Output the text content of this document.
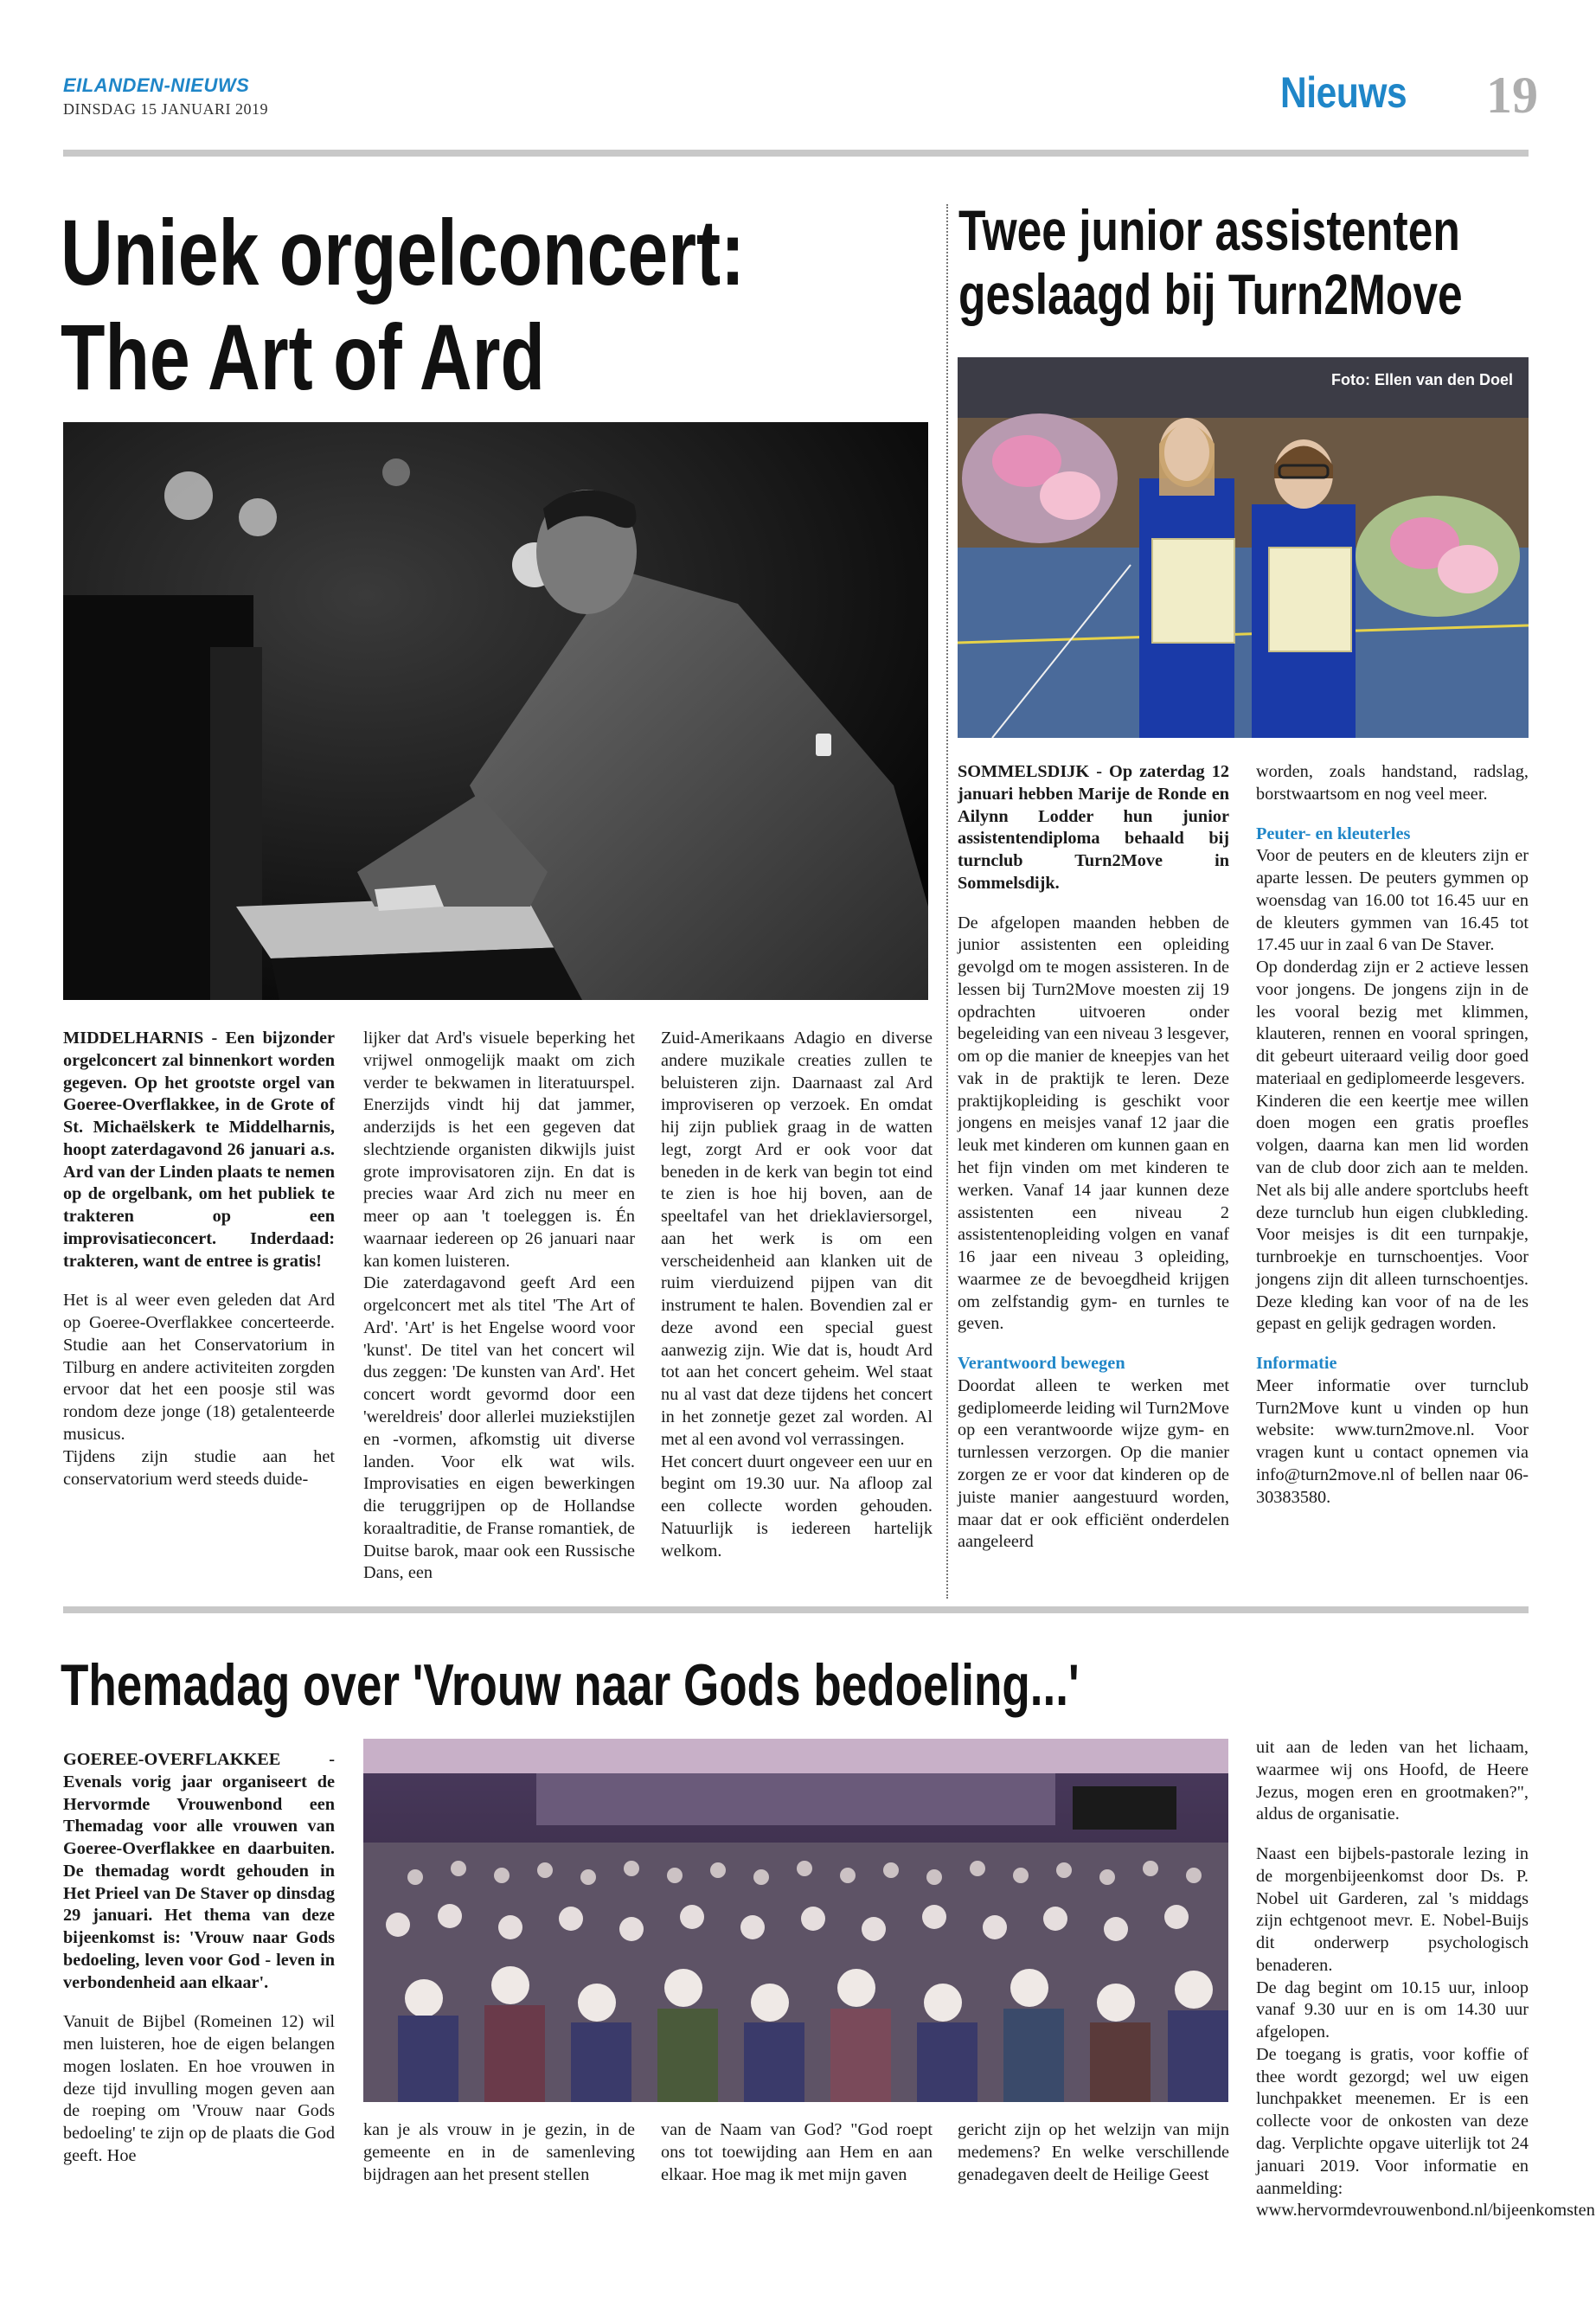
EILANDEN-NIEUWS
DINSDAG 15 JANUARI 2019	Nieuws 19
Uniek orgelconcert:
The Art of Ard

MIDDELHARNIS - Een bijzonder orgelconcert zal binnenkort worden gegeven. Op het grootste orgel van Goeree-Overflakkee, in de Grote of St. Michaëlskerk te Middelharnis, hoopt zaterdagavond 26 januari a.s. Ard van der Linden plaats te nemen op de orgelbank, om het publiek te trakteren op een improvisatieconcert. Inderdaad: trakteren, want de entree is gratis!

Het is al weer even geleden dat Ard op Goeree-Overflakkee concerteerde. Studie aan het Conservatorium in Tilburg en andere activiteiten zorgden ervoor dat het een poosje stil was rondom deze jonge (18) getalenteerde musicus.

Tijdens zijn studie aan het conservatorium werd steeds duide-

lijker dat Ard's visuele beperking het vrijwel onmogelijk maakt om zich verder te bekwamen in literatuurspel. Enerzijds vindt hij dat jammer, anderzijds is het een gegeven dat slechtziende organisten dikwijls juist grote improvisatoren zijn. En dat is precies waar Ard zich nu meer en meer op aan 't toeleggen is. Én waarnaar iedereen op 26 januari naar kan komen luisteren.

Die zaterdagavond geeft Ard een orgelconcert met als titel 'The Art of Ard'. 'Art' is het Engelse woord voor 'kunst'. De titel van het concert wil dus zeggen: 'De kunsten van Ard'. Het concert wordt gevormd door een 'wereldreis' door allerlei muziekstijlen en -vormen, afkomstig uit diverse landen. Voor elk wat wils. Improvisaties en eigen bewerkingen die teruggrijpen op de Hollandse koraaltraditie, de Franse romantiek, de Duitse barok, maar ook een Russische Dans, een

Zuid-Amerikaans Adagio en diverse andere muzikale creaties zullen te beluisteren zijn. Daarnaast zal Ard improviseren op verzoek. En omdat hij zijn publiek graag in de watten legt, zorgt Ard er ook voor dat beneden in de kerk van begin tot eind te zien is hoe hij boven, aan de speeltafel van het drieklaviersorgel, aan het werk is om een verscheidenheid aan klanken uit de ruim vierduizend pijpen van dit instrument te halen. Bovendien zal er deze avond een special guest aanwezig zijn. Wie dat is, houdt Ard tot aan het concert geheim. Wel staat nu al vast dat deze tijdens het concert in het zonnetje gezet zal worden. Al met al een avond vol verrassingen.

Het concert duurt ongeveer een uur en begint om 19.30 uur. Na afloop zal een collecte worden gehouden. Natuurlijk is iedereen hartelijk welkom.

Twee junior assistenten
geslaagd bij Turn2Move
Foto: Ellen van den Doel

SOMMELSDIJK - Op zaterdag 12 januari hebben Marije de Ronde en Ailynn Lodder hun junior assistentendiploma behaald bij turnclub Turn2Move in Sommelsdijk.

De afgelopen maanden hebben de junior assistenten een opleiding gevolgd om te mogen assisteren. In de lessen bij Turn2Move moesten zij 19 opdrachten uitvoeren onder begeleiding van een niveau 3 lesgever, om op die manier de kneepjes van het vak in de praktijk te leren. Deze praktijkopleiding is geschikt voor jongens en meisjes vanaf 12 jaar die leuk met kinderen om kunnen gaan en het fijn vinden om met kinderen te werken. Vanaf 14 jaar kunnen deze assistenten een niveau 2 assistentenopleiding volgen en vanaf 16 jaar een niveau 3 opleiding, waarmee ze de bevoegdheid krijgen om zelfstandig gym- en turnles te geven.

Verantwoord bewegen

Doordat alleen te werken met gediplomeerde leiding wil Turn2Move op een verantwoorde wijze gym- en turnlessen verzorgen. Op die manier zorgen ze er voor dat kinderen op de juiste manier aangestuurd worden, maar dat er ook efficiënt onderdelen aangeleerd

worden, zoals handstand, radslag, borstwaartsom en nog veel meer.

Peuter- en kleuterles

Voor de peuters en de kleuters zijn er aparte lessen. De peuters gymmen op woensdag van 16.00 tot 16.45 uur en de kleuters gymmen van 16.45 tot 17.45 uur in zaal 6 van De Staver.

Op donderdag zijn er 2 actieve lessen voor jongens. De jongens zijn in de les vooral bezig met klimmen, klauteren, rennen en vooral springen, dit gebeurt uiteraard veilig door goed materiaal en gediplomeerde lesgevers.

Kinderen die een keertje mee willen doen mogen een gratis proefles volgen, daarna kan men lid worden van de club door zich aan te melden. Net als bij alle andere sportclubs heeft deze turnclub hun eigen clubkleding. Voor meisjes is dit een turnpakje, turnbroekje en turnschoentjes. Voor jongens zijn dit alleen turnschoentjes. Deze kleding kan voor of na de les gepast en gelijk gedragen worden.

Informatie

Meer informatie over turnclub Turn2Move kunt u vinden op hun website: www.turn2move.nl. Voor vragen kunt u contact opnemen via info@turn2move.nl of bellen naar 06-30383580.

Themadag over 'Vrouw naar Gods bedoeling...'

GOEREE-OVERFLAKKEE - Evenals vorig jaar organiseert de Hervormde Vrouwenbond een Themadag voor alle vrouwen van Goeree-Overflakkee en daarbuiten. De themadag wordt gehouden in Het Prieel van De Staver op dinsdag 29 januari. Het thema van deze bijeenkomst is: 'Vrouw naar Gods bedoeling, leven voor God - leven in verbondenheid aan elkaar'.

Vanuit de Bijbel (Romeinen 12) wil men luisteren, hoe de eigen belangen mogen loslaten. En hoe vrouwen in deze tijd invulling mogen geven aan de roeping om 'Vrouw naar Gods bedoeling' te zijn op de plaats die God geeft. Hoe

kan je als vrouw in je gezin, in de gemeente en in de samenleving bijdragen aan het present stellen

van de Naam van God? "God roept ons tot toewijding aan Hem en aan elkaar. Hoe mag ik met mijn gaven

gericht zijn op het welzijn van mijn medemens? En welke verschillende genadegaven deelt de Heilige Geest

uit aan de leden van het lichaam, waarmee wij ons Hoofd, de Heere Jezus, mogen eren en grootmaken?", aldus de organisatie.

Naast een bijbels-pastorale lezing in de morgenbijeenkomst door Ds. P. Nobel uit Garderen, zal 's middags zijn echtgenoot mevr. E. Nobel-Buijs dit onderwerp psychologisch benaderen.

De dag begint om 10.15 uur, inloop vanaf 9.30 uur en is om 14.30 uur afgelopen.

De toegang is gratis, voor koffie of thee wordt gezorgd; wel uw eigen lunchpakket meenemen. Er is een collecte voor de onkosten van deze dag. Verplichte opgave uiterlijk tot 24 januari 2019. Voor informatie en aanmelding: www.hervormdevrouwenbond.nl/bijeenkomsten
